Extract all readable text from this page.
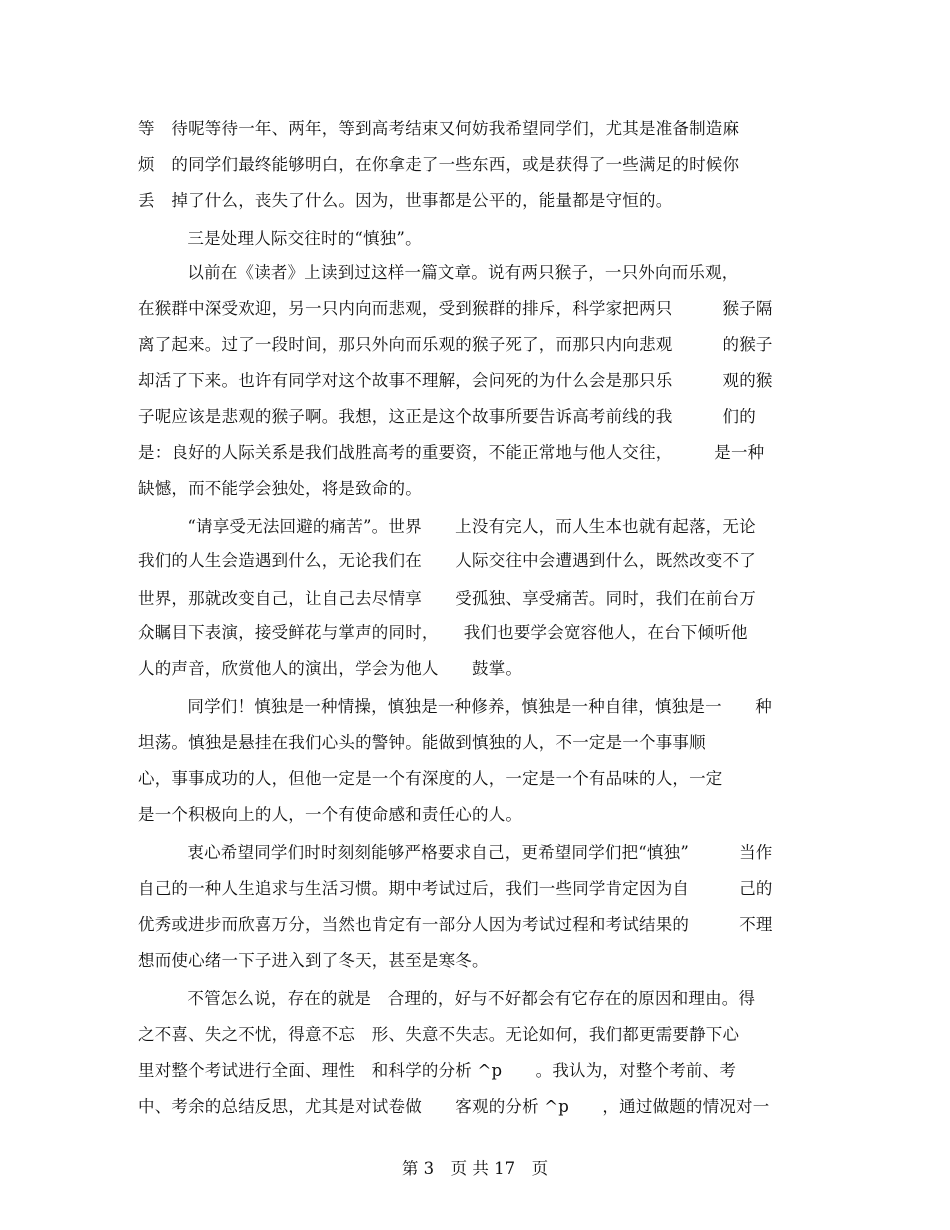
等　待呢等待一年、两年，等到高考结束又何妨我希望同学们，尤其是准备制造麻
烦　的同学们最终能够明白，在你拿走了一些东西，或是获得了一些满足的时候你
丢　掉了什么，丧失了什么。因为，世事都是公平的，能量都是守恒的。
　　三是处理人际交往时的“慎独”。
　　以前在《读者》上读到过这样一篇文章。说有两只猴子，一只外向而乐观，
在猴群中深受欢迎，另一只内向而悲观，受到猴群的排斥，科学家把两只　　　猴子隔
离了起来。过了一段时间，那只外向而乐观的猴子死了，而那只内向悲观　　　的猴子
却活了下来。也许有同学对这个故事不理解，会问死的为什么会是那只乐　　　观的猴
子呢应该是悲观的猴子啊。我想，这正是这个故事所要告诉高考前线的我　　　们的
是：良好的人际关系是我们战胜高考的重要资，不能正常地与他人交往，　　　是一种
缺憾，而不能学会独处，将是致命的。
　　“请享受无法回避的痛苦”。世界　　上没有完人，而人生本也就有起落，无论
我们的人生会造遇到什么，无论我们在　　人际交往中会遭遇到什么，既然改变不了
世界，那就改变自己，让自己去尽情享　　受孤独、享受痛苦。同时，我们在前台万
众瞩目下表演，接受鲜花与掌声的同时，　　我们也要学会宽容他人，在台下倾听他
人的声音，欣赏他人的演出，学会为他人　　鼓掌。
　　同学们！慎独是一种情操，慎独是一种修养，慎独是一种自律，慎独是一　　种
坦荡。慎独是悬挂在我们心头的警钟。能做到慎独的人，不一定是一个事事顺
心，事事成功的人，但他一定是一个有深度的人，一定是一个有品味的人，一定
是一个积极向上的人，一个有使命感和责任心的人。
　　衷心希望同学们时时刻刻能够严格要求自己，更希望同学们把“慎独”　　　当作
自己的一种人生追求与生活习惯。期中考试过后，我们一些同学肯定因为自　　　己的
优秀或进步而欣喜万分，当然也肯定有一部分人因为考试过程和考试结果的　　　不理
想而使心绪一下子进入到了冬天，甚至是寒冬。
　　不管怎么说，存在的就是　合理的，好与不好都会有它存在的原因和理由。得
之不喜、失之不忧，得意不忘　形、失意不失志。无论如何，我们都更需要静下心
里对整个考试进行全面、理性　和科学的分析 ^p　　。我认为，对整个考前、考
中、考余的总结反思，尤其是对试卷做　　客观的分析 ^p　　，通过做题的情况对一
第 3　页 共 17　页
